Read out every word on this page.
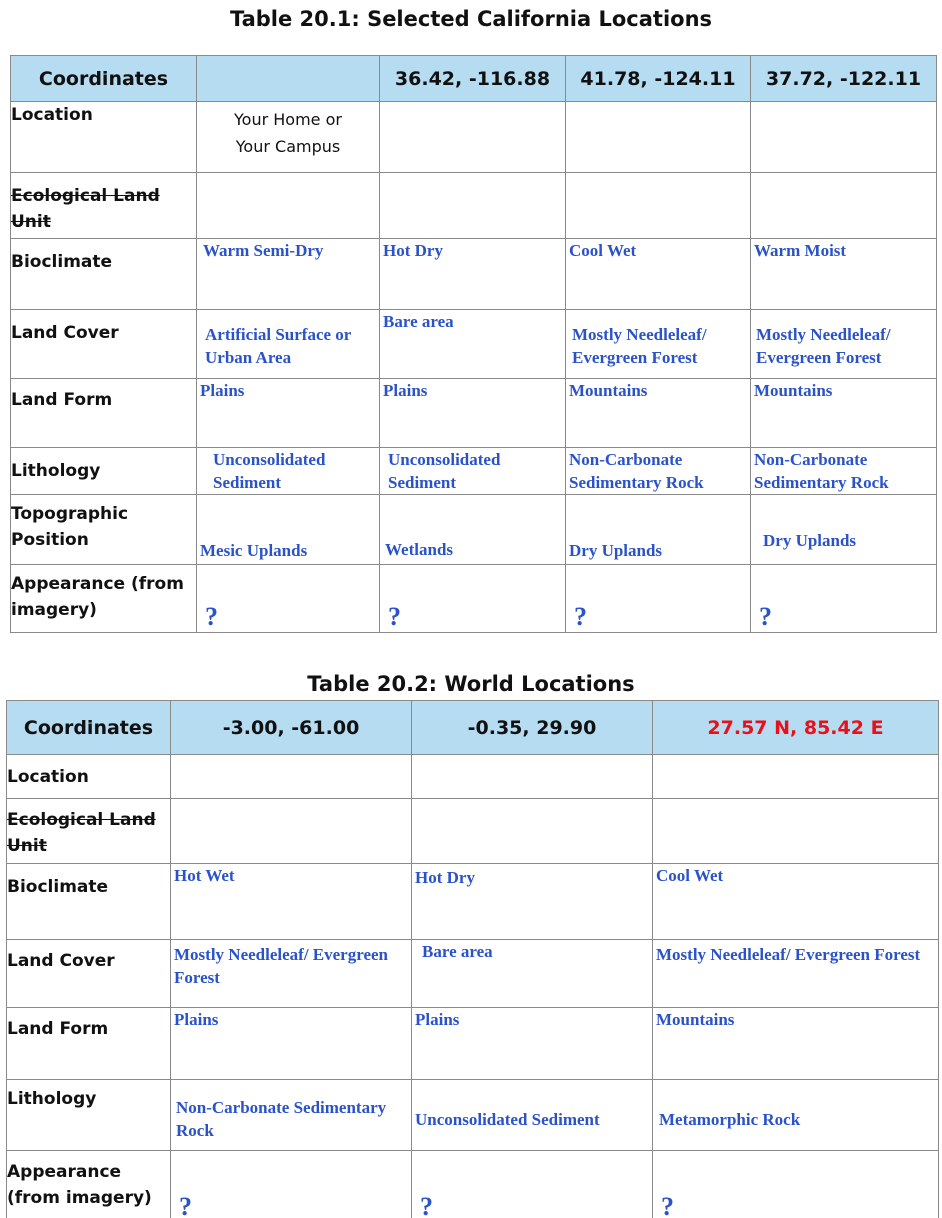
Table 20.1: Selected California Locations
Coordinates		36.42, -116.88	41.78, -124.11	37.72, -122.11
Location	Your Home or Your Campus			

Ecological Land Unit	

Bioclimate	Warm Semi-Dry	Hot Dry	Cool Wet	Warm Moist

Land Cover	Artificial Surface or Urban Area	Bare area	Mostly Needleleaf/ Evergreen Forest	Mostly Needleleaf/ Evergreen Forest

Land Form	Plains	Plains	Mountains	Mountains

Lithology	Unconsolidated Sediment	Unconsolidated Sediment	Non-Carbonate Sedimentary Rock	Non-Carbonate Sedimentary Rock

Topographic Position	Mesic Uplands	Wetlands	Dry Uplands	Dry Uplands

Appearance (from imagery)	?	?	?	?
Table 20.2: World Locations
Coordinates	-3.00, -61.00	-0.35, 29.90	27.57 N, 85.42 E
Location	

Ecological Land Unit	

Bioclimate	Hot Wet	Hot Dry	Cool Wet

Land Cover	Mostly Needleleaf/ Evergreen Forest	Bare area	Mostly Needleleaf/ Evergreen Forest

Land Form	Plains	Plains	Mountains

Lithology	Non-Carbonate Sedimentary Rock	Unconsolidated Sediment	Metamorphic Rock

Appearance (from imagery)	?	?	?
